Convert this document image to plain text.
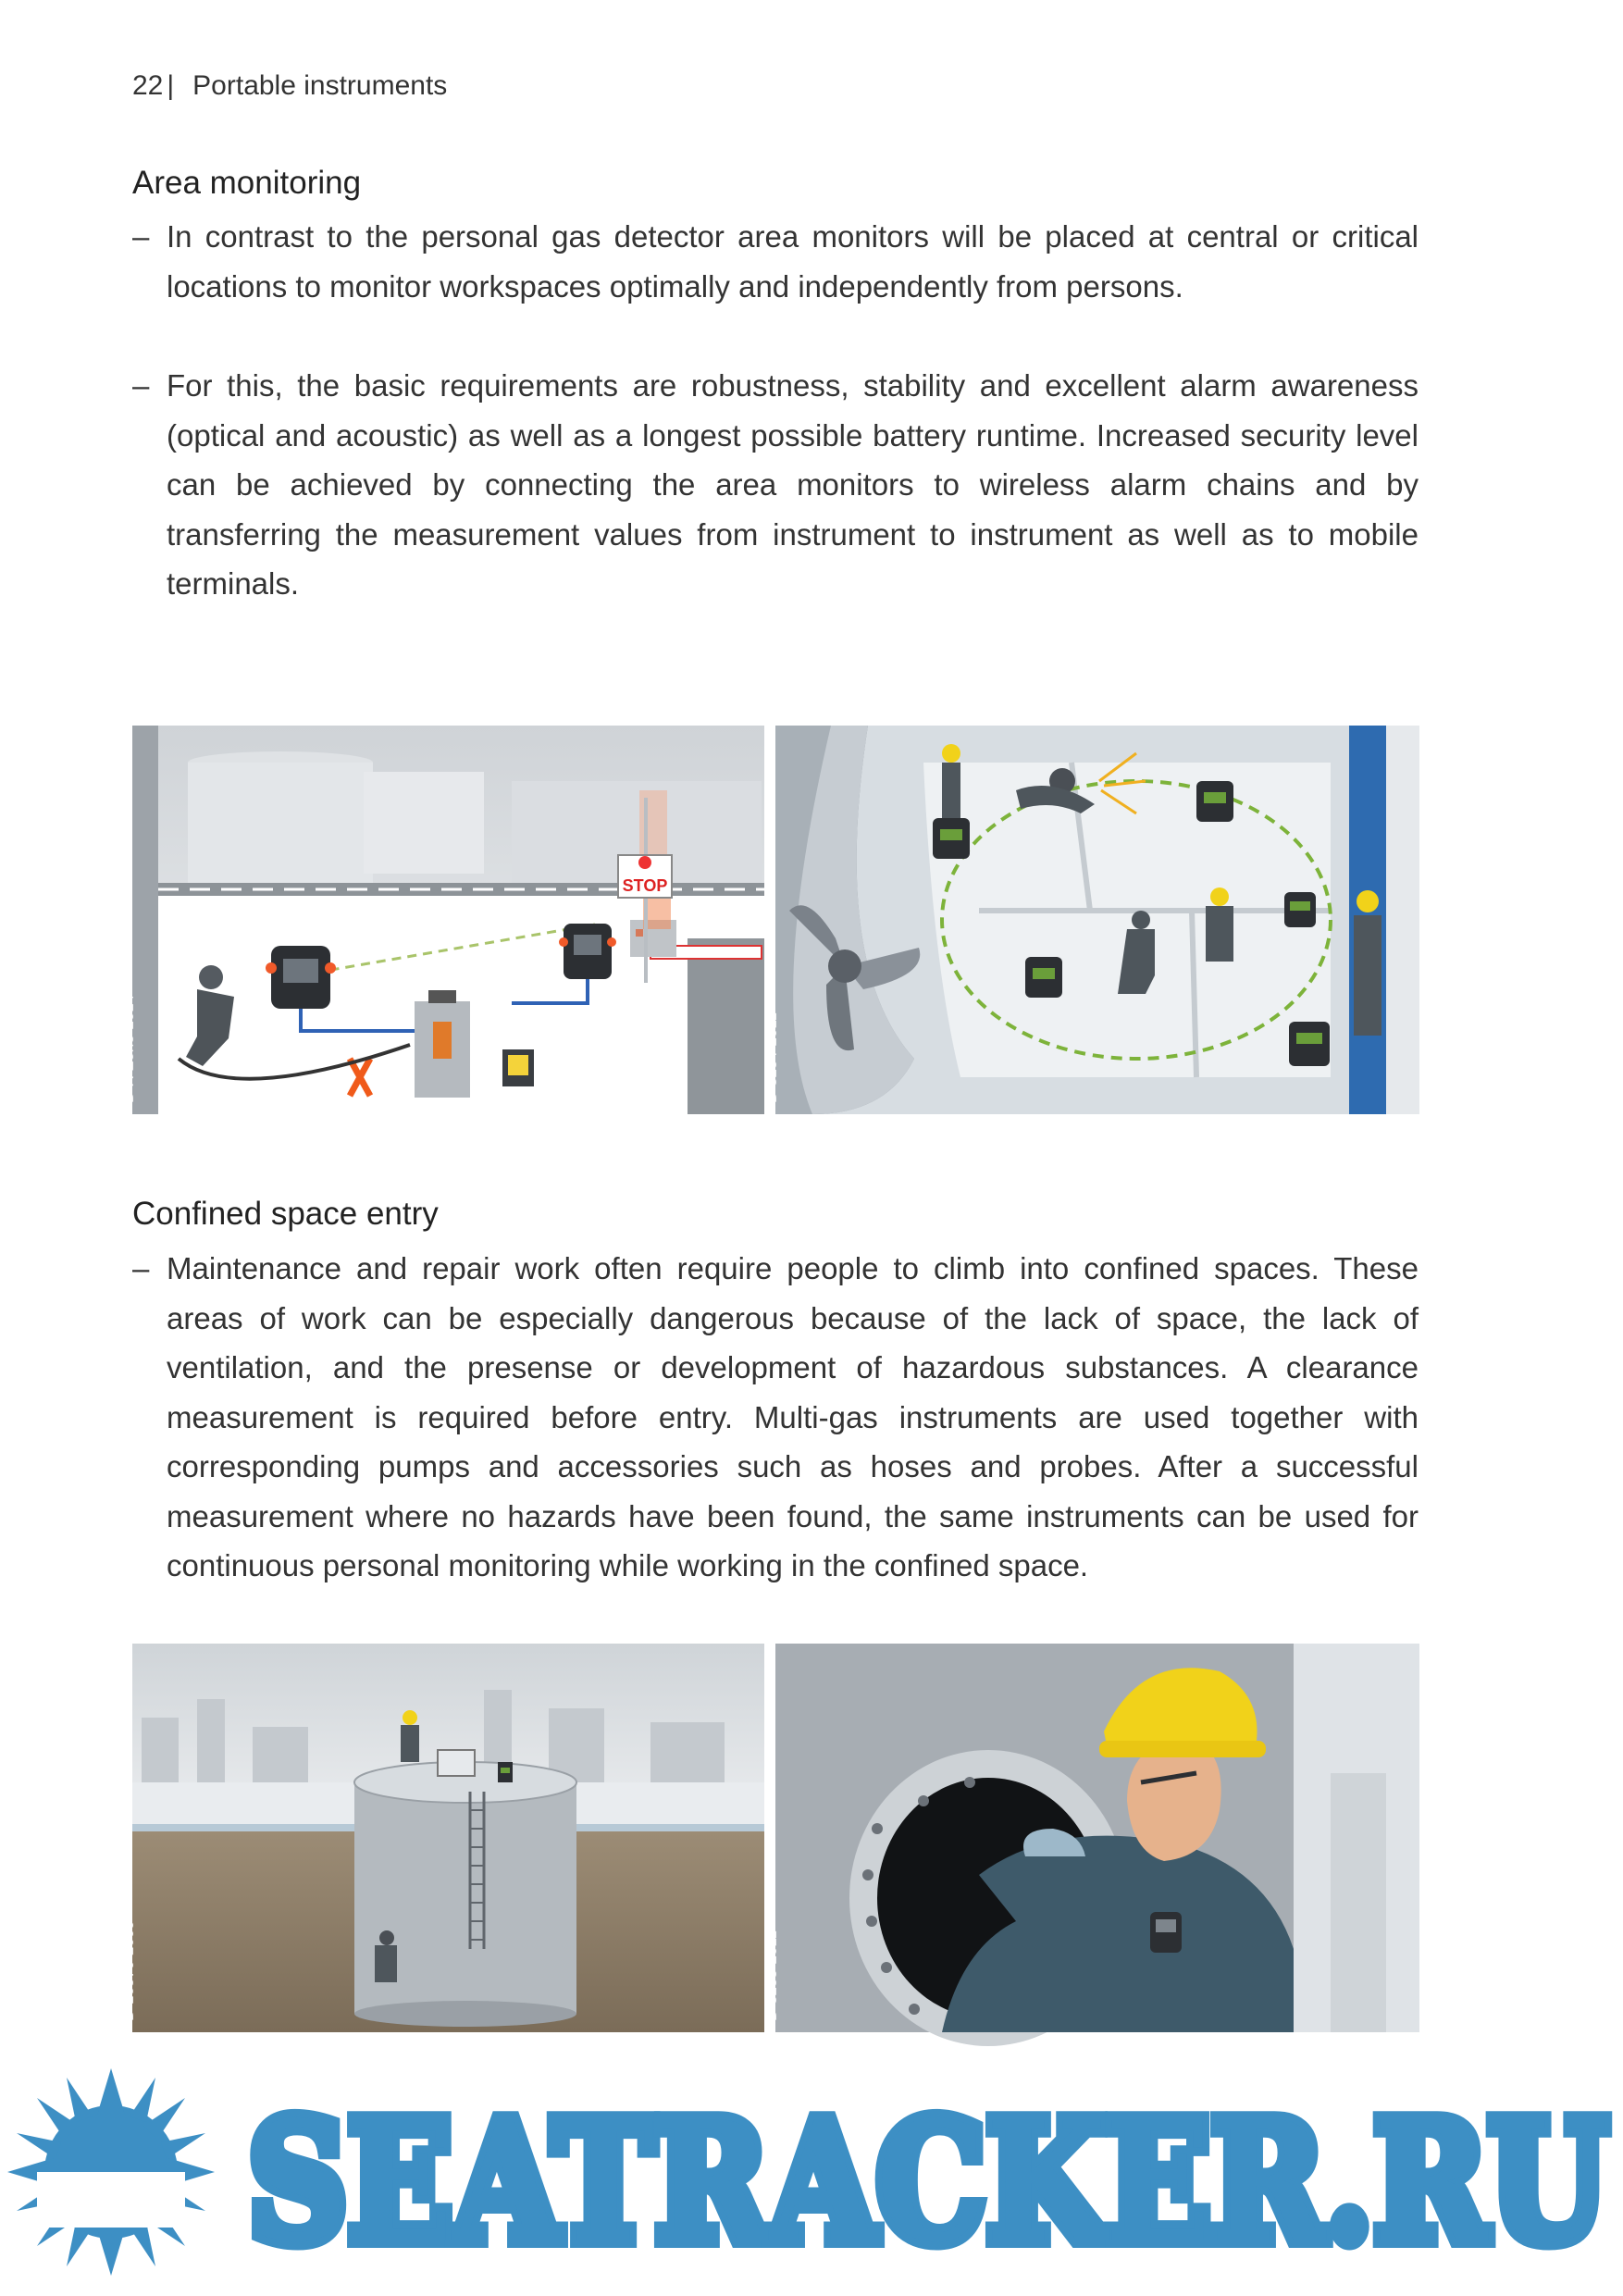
22 | Portable instruments
Area monitoring

– In contrast to the personal gas detector area monitors will be placed at central or critical locations to monitor workspaces optimally and independently from persons.

– For this, the basic requirements are robustness, stability and excellent alarm awareness (optical and acoustic) as well as a longest possible battery runtime. Increased security level can be achieved by connecting the area monitors to wireless alarm chains and by transferring the measurement values from instrument to instrument as well as to mobile terminals.

STOP
D-X-Zone-2014	D-3254-2011
Confined space entry

– Maintenance and repair work often require people to climb into confined spaces. These areas of work can be especially dangerous because of the lack of space, the lack of ventilation, and the presense or development of hazardous substances. A clearance measurement is required before entry. Multi-gas instruments are used together with corresponding pumps and accessories such as hoses and probes. After a successful measurement where no hazards have been found, the same instruments can be used for continuous personal monitoring while working in the confined space.

D-16570-2009	D-3255-2011
SEATRACKER.RU
SEATRACKER.RU
